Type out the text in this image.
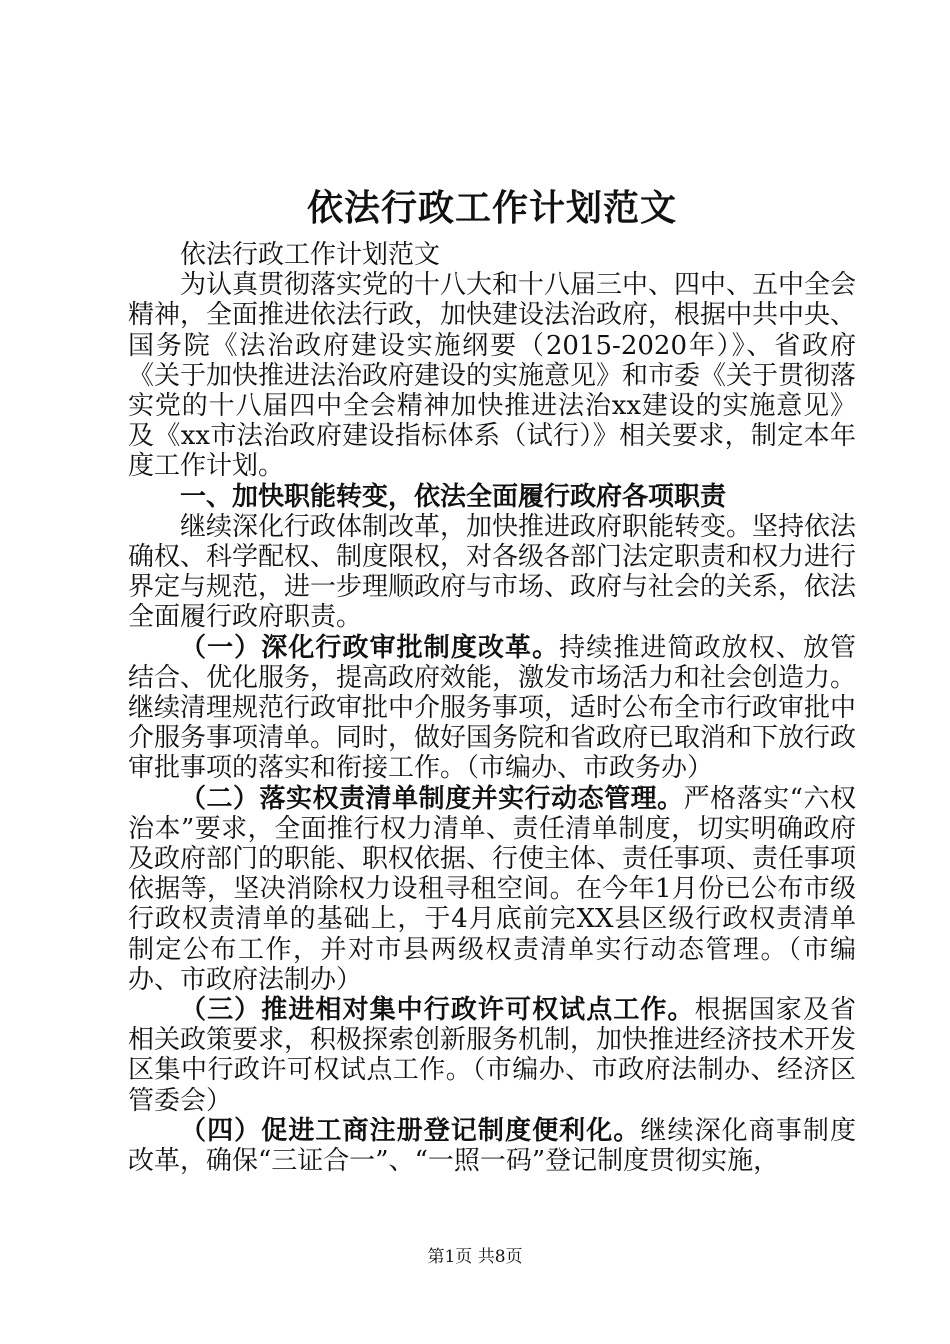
依法行政工作计划范文

依法行政工作计划范文

为认真贯彻落实党的十八大和十八届三中、四中、五中全会精神，全面推进依法行政，加快建设法治政府，根据中共中央、国务院《法治政府建设实施纲要（2015-2020年）》、省政府《关于加快推进法治政府建设的实施意见》和市委《关于贯彻落实党的十八届四中全会精神加快推进法治xx建设的实施意见》及《xx市法治政府建设指标体系（试行）》相关要求，制定本年度工作计划。

一、加快职能转变，依法全面履行政府各项职责

继续深化行政体制改革，加快推进政府职能转变。坚持依法确权、科学配权、制度限权，对各级各部门法定职责和权力进行界定与规范，进一步理顺政府与市场、政府与社会的关系，依法全面履行政府职责。

（一）深化行政审批制度改革。持续推进简政放权、放管结合、优化服务，提高政府效能，激发市场活力和社会创造力。继续清理规范行政审批中介服务事项，适时公布全市行政审批中介服务事项清单。同时，做好国务院和省政府已取消和下放行政审批事项的落实和衔接工作。（市编办、市政务办）

（二）落实权责清单制度并实行动态管理。严格落实“六权治本”要求，全面推行权力清单、责任清单制度，切实明确政府及政府部门的职能、职权依据、行使主体、责任事项、责任事项依据等，坚决消除权力设租寻租空间。在今年1月份已公布市级行政权责清单的基础上，于4月底前完XX县区级行政权责清单制定公布工作，并对市县两级权责清单实行动态管理。（市编办、市政府法制办）

（三）推进相对集中行政许可权试点工作。根据国家及省相关政策要求，积极探索创新服务机制，加快推进经济技术开发区集中行政许可权试点工作。（市编办、市政府法制办、经济区管委会）

（四）促进工商注册登记制度便利化。继续深化商事制度改革，确保“三证合一”、“一照一码”登记制度贯彻实施，

第1页 共8页
